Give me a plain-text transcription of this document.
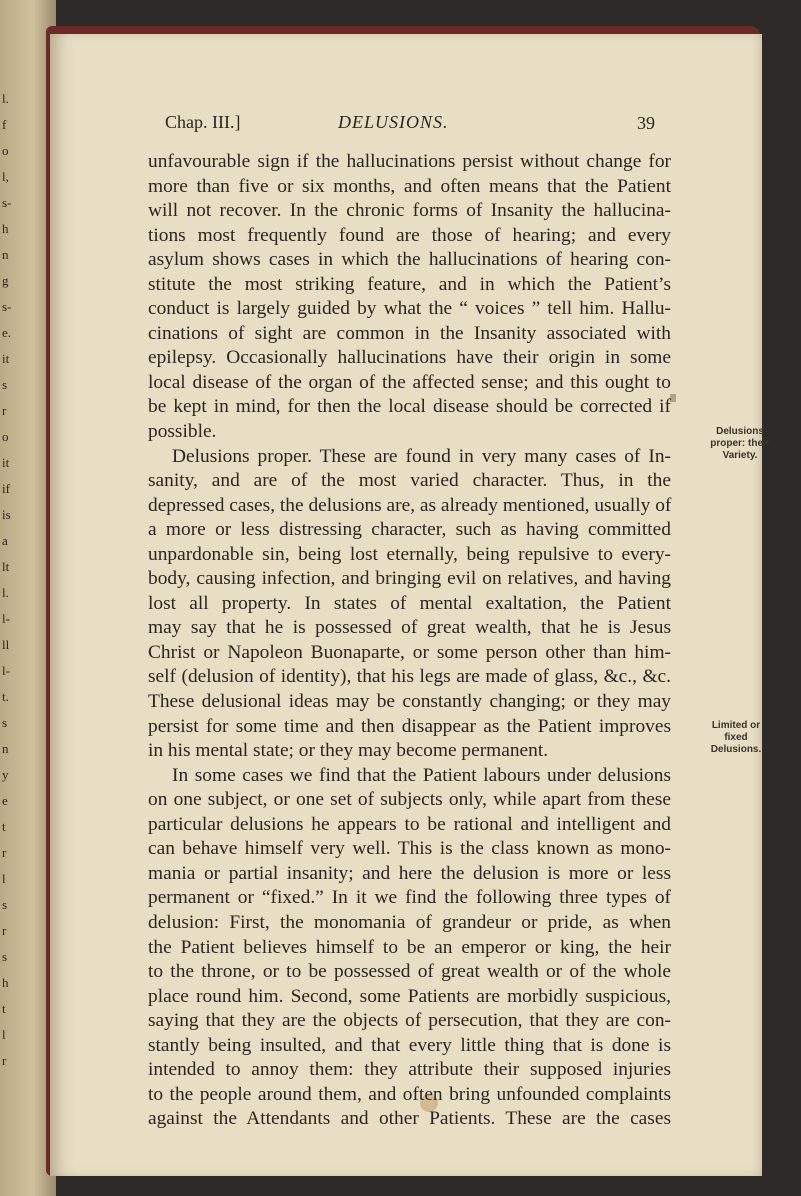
l.
f
o
l,
s-
h
n
g
s-
e.
it
s
r
o
it
if
is
a
lt
l.
l-
ll
l-
t.
s
n
y
e
t
r
l
s
r
s
h
t
l
r
Chap. III.]	DELUSIONS.	39
unfavourable sign if the hallucinations persist without change for
more than five or six months, and often means that the Patient
will not recover. In the chronic forms of Insanity the hallucina-
tions most frequently found are those of hearing; and every
asylum shows cases in which the hallucinations of hearing con-
stitute the most striking feature, and in which the Patient’s
conduct is largely guided by what the “ voices ” tell him. Hallu-
cinations of sight are common in the Insanity associated with
epilepsy. Occasionally hallucinations have their origin in some
local disease of the organ of the affected sense; and this ought to
be kept in mind, for then the local disease should be corrected if
possible.
Delusions proper. These are found in very many cases of In-
sanity, and are of the most varied character. Thus, in the
depressed cases, the delusions are, as already mentioned, usually of
a more or less distressing character, such as having committed
unpardonable sin, being lost eternally, being repulsive to every-
body, causing infection, and bringing evil on relatives, and having
lost all property. In states of mental exaltation, the Patient
may say that he is possessed of great wealth, that he is Jesus
Christ or Napoleon Buonaparte, or some person other than him-
self (delusion of identity), that his legs are made of glass, &c., &c.
These delusional ideas may be constantly changing; or they may
persist for some time and then disappear as the Patient improves
in his mental state; or they may become permanent.
In some cases we find that the Patient labours under delusions
on one subject, or one set of subjects only, while apart from these
particular delusions he appears to be rational and intelligent and
can behave himself very well. This is the class known as mono-
mania or partial insanity; and here the delusion is more or less
permanent or “fixed.” In it we find the following three types of
delusion: First, the monomania of grandeur or pride, as when
the Patient believes himself to be an emperor or king, the heir
to the throne, or to be possessed of great wealth or of the whole
place round him. Second, some Patients are morbidly suspicious,
saying that they are the objects of persecution, that they are con-
stantly being insulted, and that every little thing that is done is
intended to annoy them: they attribute their supposed injuries
to the people around them, and often bring unfounded complaints
against the Attendants and other Patients. These are the cases
Delusions
proper: their
Variety.
Limited or
fixed
Delusions.
